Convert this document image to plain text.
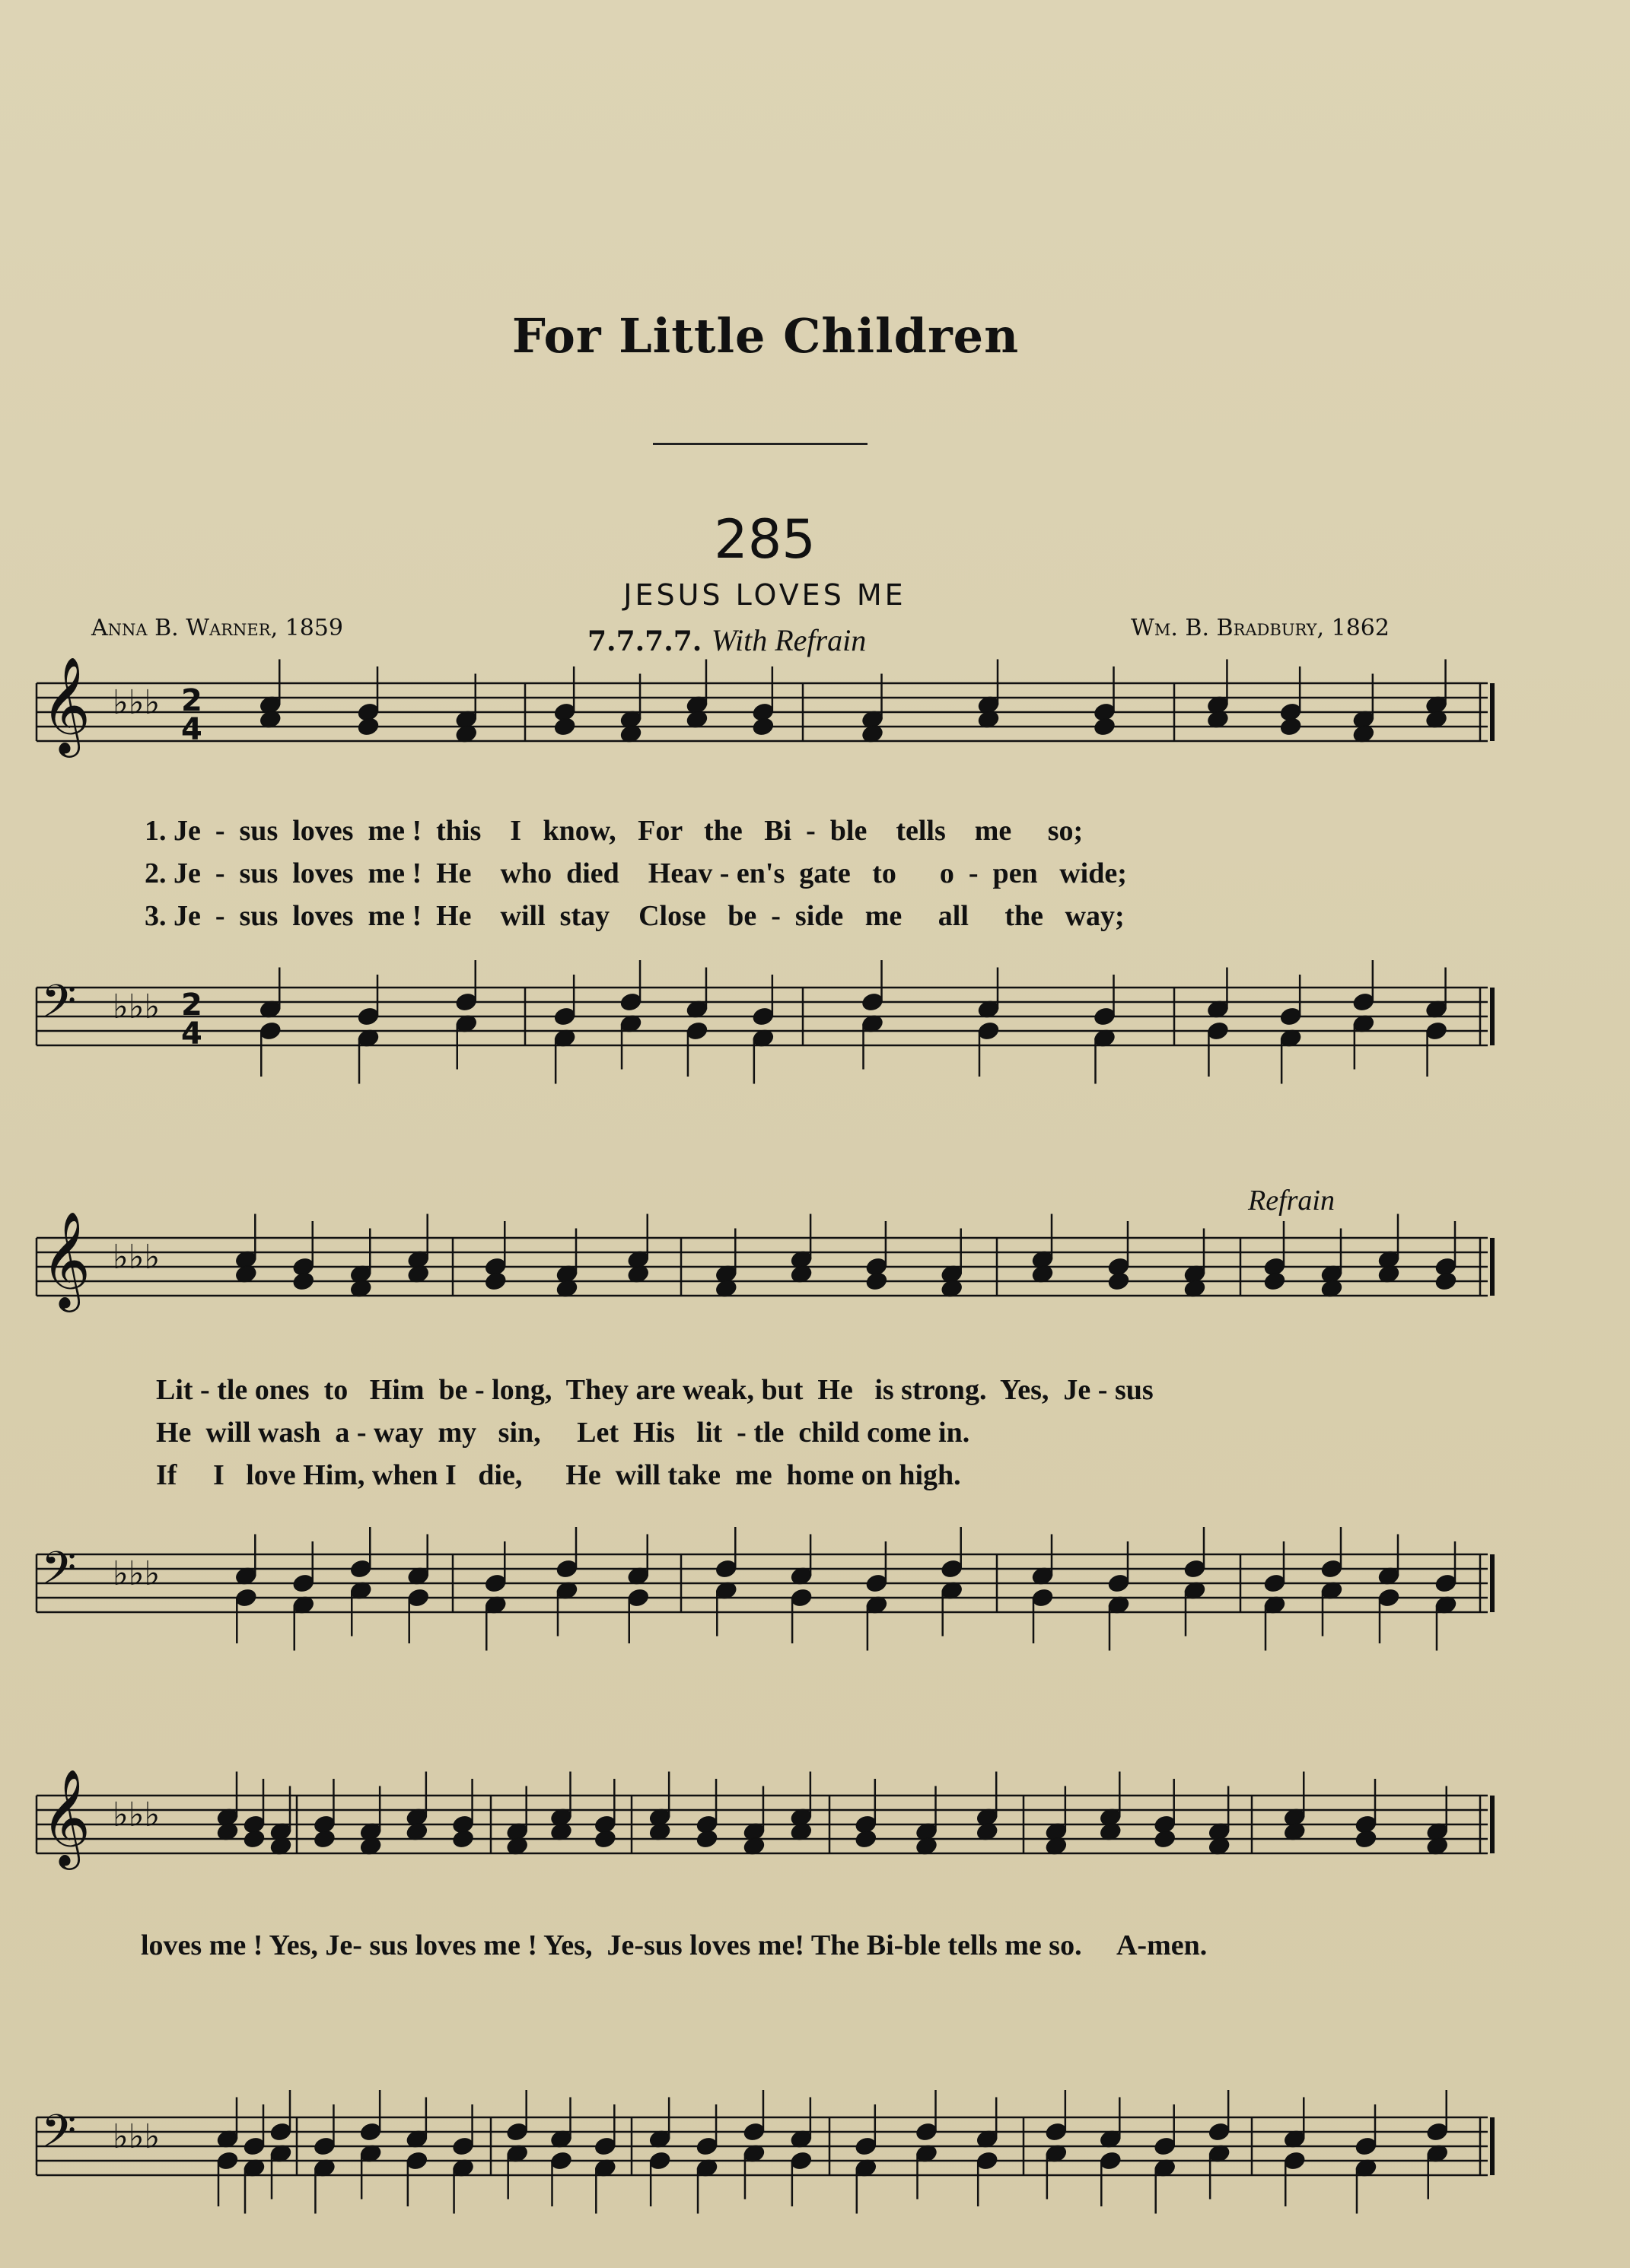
For Little Children
285
JESUS LOVES ME
Anna B. Warner, 1859	7.7.7.7. With Refrain	Wm. B. Bradbury, 1862
Refrain
1. Je  -  sus  loves  me !  this    I   know,   For   the   Bi  -  ble    tells    me     so;
2. Je  -  sus  loves  me !  He    who  died    Heav - en's  gate   to      o  -  pen   wide;
3. Je  -  sus  loves  me !  He    will  stay    Close   be  -  side   me     all     the   way;
Lit - tle ones  to   Him  be - long,  They are weak, but  He   is strong.  Yes,  Je - sus
He  will wash  a - way  my   sin,     Let  His   lit  - tle  child come in.
If     I   love Him, when I   die,      He  will take  me  home on high.
loves me ! Yes, Je- sus loves me ! Yes,  Je-sus loves me! The Bi-ble tells me so.     A-men.
𝄞 ♭♭♭ 2
4
𝄢 ♭♭♭ 2
4
𝄞 ♭♭♭
𝄢 ♭♭♭
𝄞 ♭♭♭
𝄢 ♭♭♭
